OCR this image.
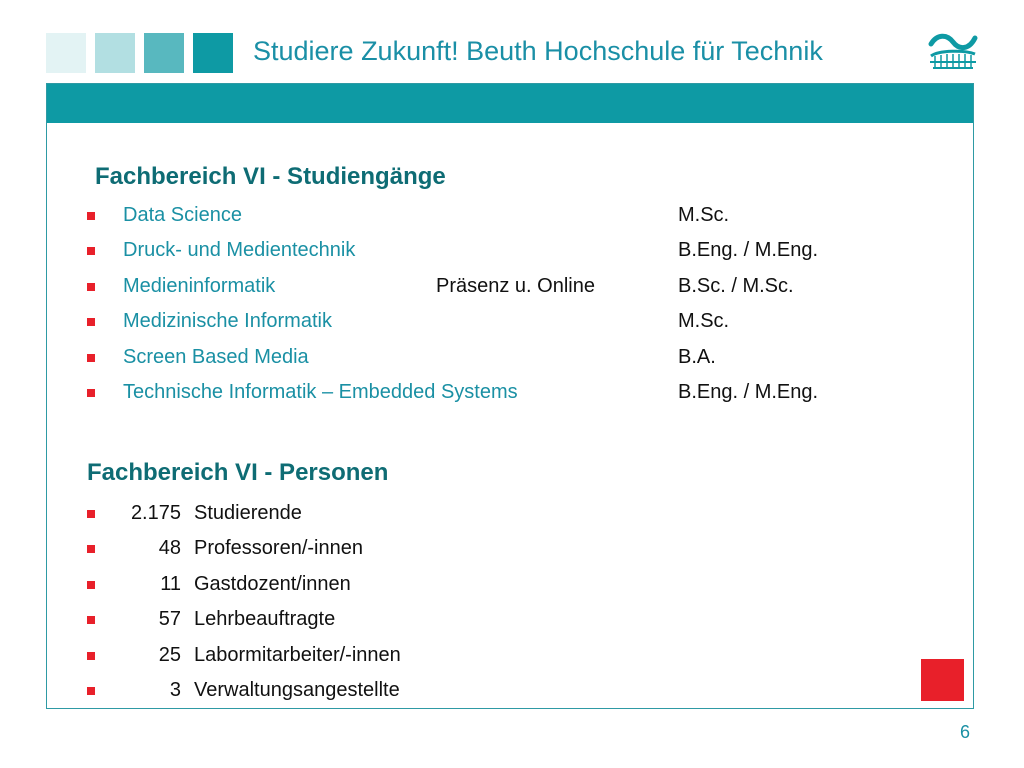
Studiere Zukunft! Beuth Hochschule für Technik
Fachbereich VI - Studiengänge
Data Science	M.Sc.
Druck- und Medientechnik	B.Eng. / M.Eng.
Medieninformatik	Präsenz u. Online	B.Sc. / M.Sc.
Medizinische Informatik	M.Sc.
Screen Based Media	B.A.
Technische Informatik – Embedded Systems	B.Eng. / M.Eng.
Fachbereich VI - Personen
2.175 Studierende
48 Professoren/-innen
11 Gastdozent/innen
57 Lehrbeauftragte
25 Labormitarbeiter/-innen
3 Verwaltungsangestellte
6
